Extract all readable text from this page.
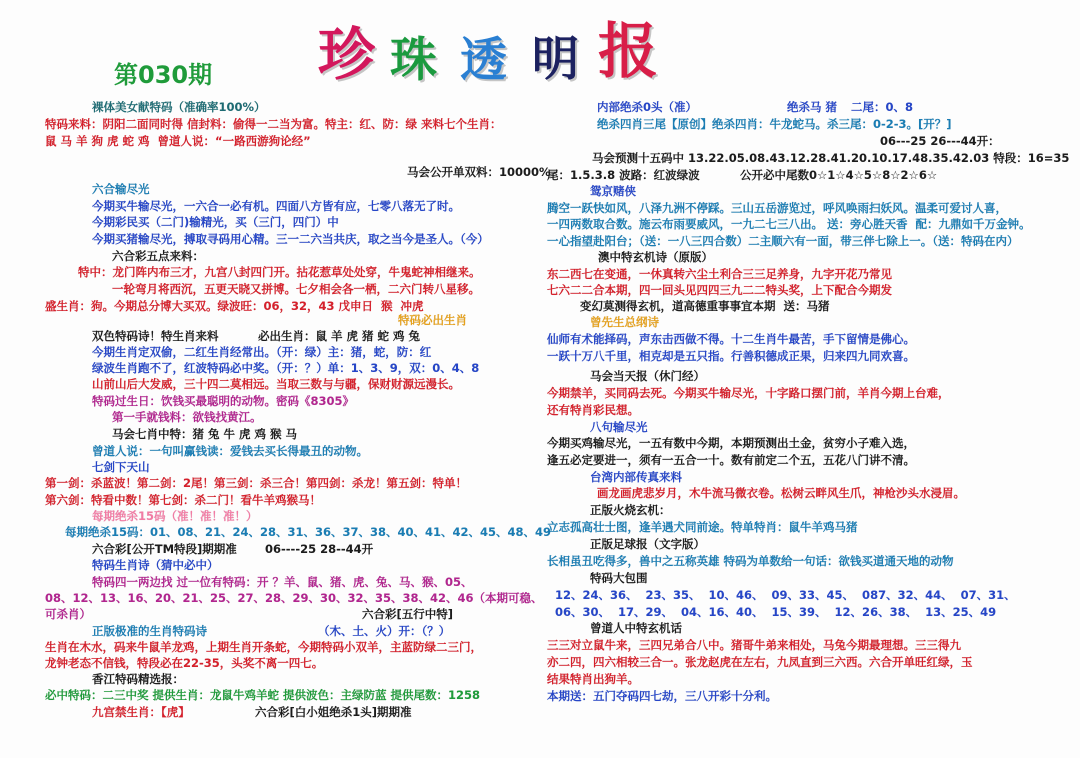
珍 珠 透 明 报
第030期
裸体美女献特码（准确率100%）
特码来料：阴阳二面同时得 信封料：偷得一二当为富。特主：红、防：绿 来料七个生肖：
鼠 马 羊 狗 虎 蛇 鸡  曾道人说：“一路西游狗论经”
马会公开单双料：10000%
六合输尽光
今期买牛输尽光，一六合一必有机。四面八方皆有应，七零八落无了时。
今期彩民买（二门)输精光，买（三门，四门）中
今期买猪输尽光，搏取寻码用心精。三一二六当共庆，取之当今是圣人。（今）
六合彩五点来料：
特中：龙门阵内布三才，九宫八封四门开。拈花惹草处处穿，牛鬼蛇神相继来。
一轮弯月将西沉，五更天晓又拼博。七夕相会各一栖，二六门转八星移。
盛生肖：狗。今期总分博大买双。绿波旺：06，32，43 戊申日  猴  冲虎
特码必出生肖
双色特码诗！特生肖来料	必出生肖：鼠 羊 虎 猪 蛇 鸡 兔
今期生肖定双偷，二红生肖经常出。（开：绿）主：猪，蛇，防：红
绿波生肖跑不了，红波特码必中奖。（开：？）单：1、3、9，双：0、4、8
山前山后大发威，三十四二莫相远。当取三数与与疆，保财财源远漫长。
特码过生日：饮钱买最聪明的动物。密码《8305》
第一手就钱料：欲钱找黄江。
马会七肖中特：猪 兔 牛 虎 鸡 猴 马
曾道人说：一句叫赢钱读：爱钱去买长得最丑的动物。
七剑下天山
第一剑：杀蓝波！第二剑：2尾！第三剑：杀三合！第四剑：杀龙！第五剑：特单！
第六剑：特看中数！第七剑：杀二门！看牛羊鸡猴马！
每期绝杀15码（准！准！准！）
每期绝杀15码：01、08、21、24、28、31、36、37、38、40、41、42、45、48、49
六合彩[公开TM特段]期期准 06----25 28--44开
特码生肖诗（猜中必中）
特码四一两边找 过一位有特码：开 ？羊、鼠、猪、虎、兔、马、猴、05、
08、12、13、16、20、21、25、27、28、29、30、32、35、38、42、46（本期可稳、
可杀肖）	六合彩[五行中特]
正版极准的生肖特码诗	（木、土、火）开：（？）
生肖在木水，码来牛鼠羊龙鸡，上期生肖开条蛇，今期特码小双羊，主蓝防绿二三门，
龙钟老态不信钱，特段必在22-35，头奖不离一四七。
香江特码精选报：
必中特码：二三中奖 提供生肖：龙鼠牛鸡羊蛇 提供波色：主绿防蓝 提供尾数：1258
九宫禁生肖：【虎】	六合彩[白小姐绝杀1头]期期准
内部绝杀0头（准）	绝杀马 猪 二尾：0、8
绝杀四肖三尾【原创】绝杀四肖：牛龙蛇马。杀三尾：0-2-3。[开？]
06---25 26---44开：
马会预测十五码中 13.22.05.08.43.12.28.41.20.10.17.48.35.42.03 特段：16=35
尾：1.5.3.8 波路：红波绿波	公开必中尾数0☆1☆4☆5☆8☆2☆6☆
鸳京赌侠
腾空一跃快如风，八泽九洲不停踩。三山五岳游览过，呼风唤雨扫妖风。温柔可爱讨人喜，
一四两数取合数。施云布雨要威风，一九二七三八出。 送：旁心胜天香  配：九鼎如千万金钟。
一心指望赴阳台；（送：一八三四合数）二主顺六有一面，带三伴七除上一。（送：特码在内）
澳中特玄机诗（原版）
东二西七在变通，一休真转六尘土利合三三足养身，九字开花乃常见
七六二二合本期，四一回头见四四三九二二特头奖，上下配合今期发
变幻莫测得玄机，道高德重事事宜本期  送：马猪
曾先生总纲诗
仙师有术能择码，声东击西做不得。十二生肖牛最苦，手下留情是佛心。
一跃十万八千里，相克却是五只指。行善积德成正果，归来四九同欢喜。
马会当天报（休门经）
今期禁羊，买同码去死。今期买牛输尽光，十字路口摆门前，羊肖今期上台难，
还有特肖彩民想。
八句输尽光
今期买鸡输尽光，一五有数中今期，本期预测出土金，贫穷小子难入选，
逢五必定要进一，须有一五合一十。数有前定二个五，五花八门讲不清。
台湾内部传真来料
画龙画虎悲岁月，木牛流马微衣卷。松树云畔风生爪，神枪沙头水浸眉。
正版火烧玄机：
立志孤高壮士图，逢羊遇犬同前途。特单特肖：鼠牛羊鸡马猪
正版足球报（文字版）
长相虽丑吃得多，兽中之五称英雄 特码为单数给一句话：欲钱买道通天地的动物
特码大包围
12、24、36、  23、35、  10、46、  09、33、45、  087、32、44、  07、31、
06、30、  17、29、  04、16、40、  15、39、  12、26、38、  13、25、49
曾道人中特玄机话
三三对立鼠牛来，三四兄弟合八中。猪哥牛弟来相处，马兔今期最理想。三三得九
亦二四，四六相较三合一。张龙赵虎在左右，九凤直到三六西。六合开单旺红绿，玉
结果特肖出狗羊。
本期送：五门夺码四七劫，三八开彩十分利。
